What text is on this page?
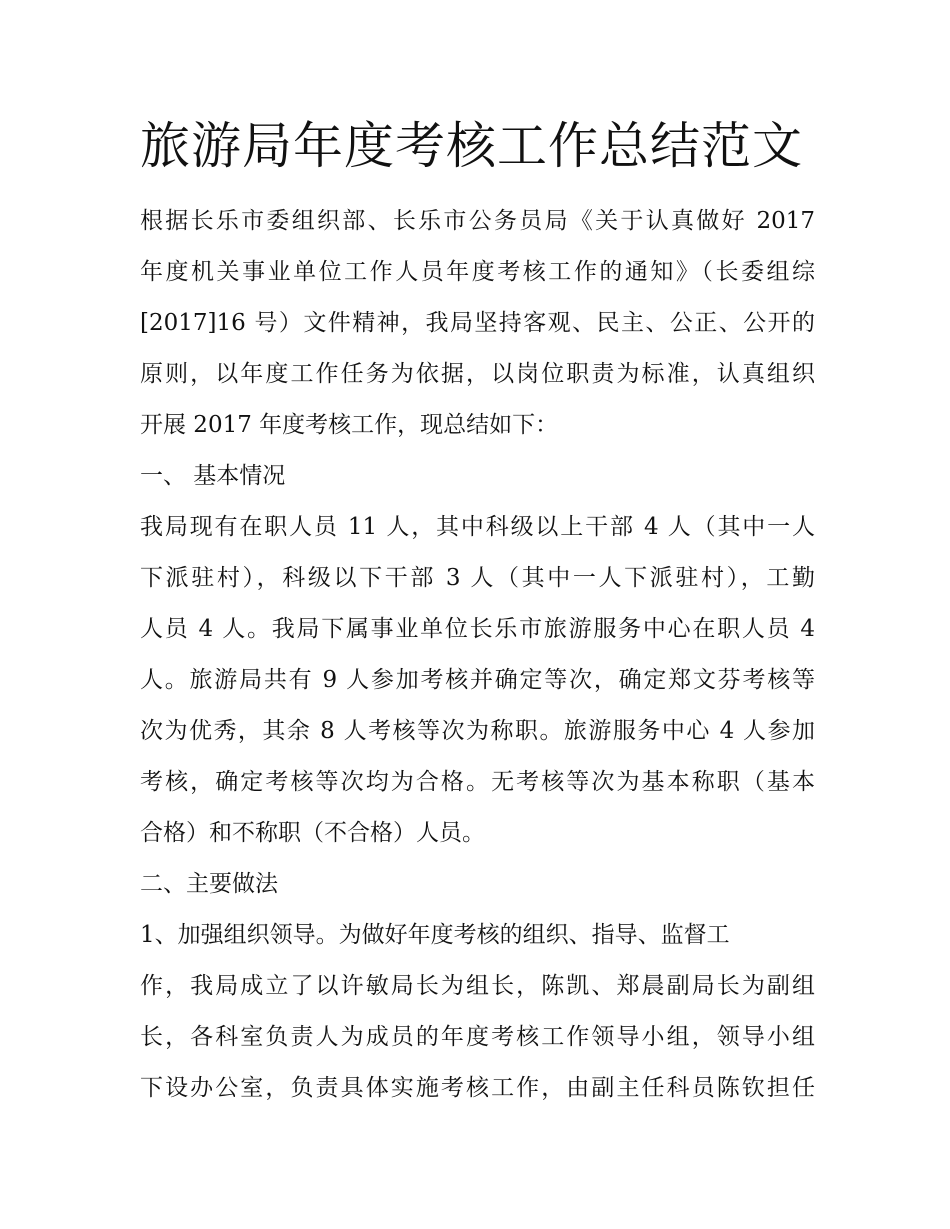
旅游局年度考核工作总结范文
根据长乐市委组织部、长乐市公务员局《关于认真做好 2017
年度机关事业单位工作人员年度考核工作的通知》（长委组综
[2017]16 号）文件精神，我局坚持客观、民主、公正、公开的
原则，以年度工作任务为依据，以岗位职责为标准，认真组织
开展 2017 年度考核工作，现总结如下：
一、 基本情况
我局现有在职人员 11 人，其中科级以上干部 4 人（其中一人
下派驻村），科级以下干部 3 人（其中一人下派驻村），工勤
人员 4 人。我局下属事业单位长乐市旅游服务中心在职人员 4
人。旅游局共有 9 人参加考核并确定等次，确定郑文芬考核等
次为优秀，其余 8 人考核等次为称职。旅游服务中心 4 人参加
考核，确定考核等次均为合格。无考核等次为基本称职（基本
合格）和不称职（不合格）人员。
二、主要做法
1、加强组织领导。为做好年度考核的组织、指导、监督工
作，我局成立了以许敏局长为组长，陈凯、郑晨副局长为副组
长，各科室负责人为成员的年度考核工作领导小组，领导小组
下设办公室，负责具体实施考核工作，由副主任科员陈钦担任
